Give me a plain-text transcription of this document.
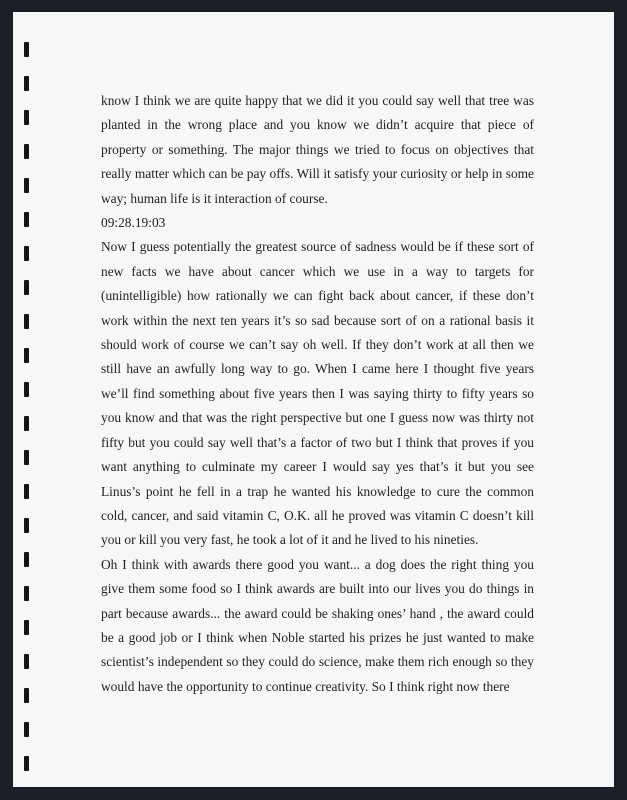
know I think we are quite happy that we did it you could say well that tree was planted in the wrong place and you know we didn’t acquire that piece of property or something. The major things we tried to focus on objectives that really matter which can be pay offs. Will it satisfy your curiosity or help in some way; human life is it interaction of course.

09:28.19:03

Now I guess potentially the greatest source of sadness would be if these sort of new facts we have about cancer which we use in a way to targets for (unintelligible) how rationally we can fight back about cancer, if these don’t work within the next ten years it’s so sad because sort of on a rational basis it should work of course we can’t say oh well. If they don’t work at all then we still have an awfully long way to go. When I came here I thought five years we’ll find something about five years then I was saying thirty to fifty years so you know and that was the right perspective but one I guess now was thirty not fifty but you could say well that’s a factor of two but I think that proves if you want anything to culminate my career I would say yes that’s it but you see Linus’s point he fell in a trap he wanted his knowledge to cure the common cold, cancer, and said vitamin C, O.K. all he proved was vitamin C doesn’t kill you or kill you very fast, he took a lot of it and he lived to his nineties.

Oh I think with awards there good you want... a dog does the right thing you give them some food so I think awards are built into our lives you do things in part because awards... the award could be shaking ones’ hand , the award could be a good job or I think when Noble started his prizes he just wanted to make scientist’s independent so they could do science, make them rich enough so they would have the opportunity to continue creativity. So I think right now there
